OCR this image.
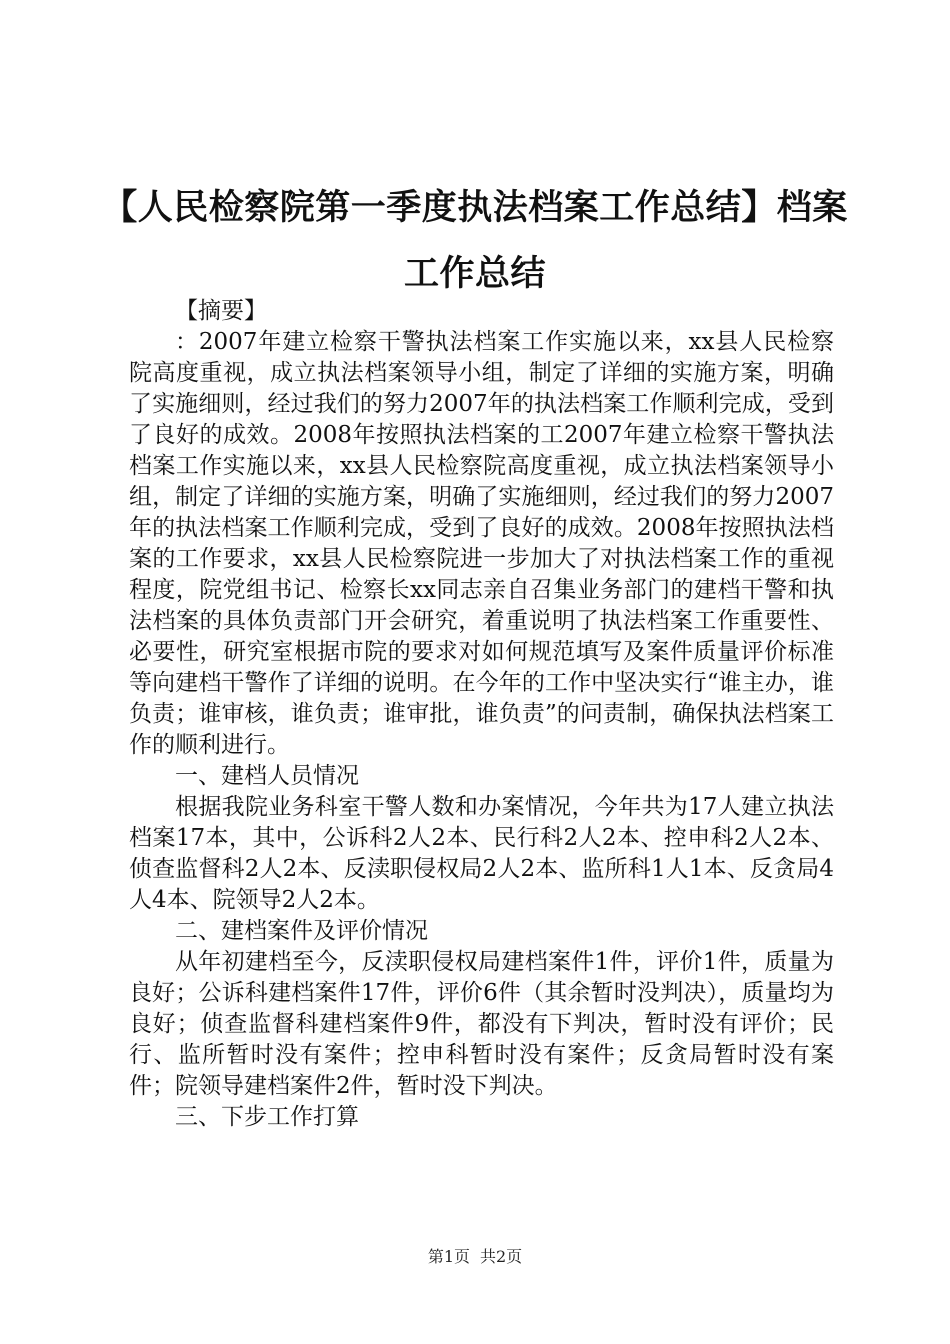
【人民检察院第一季度执法档案工作总结】档案工作总结

【摘要】

：2007年建立检察干警执法档案工作实施以来，xx县人民检察院高度重视，成立执法档案领导小组，制定了详细的实施方案，明确了实施细则，经过我们的努力2007年的执法档案工作顺利完成，受到了良好的成效。2008年按照执法档案的工2007年建立检察干警执法档案工作实施以来，xx县人民检察院高度重视，成立执法档案领导小组，制定了详细的实施方案，明确了实施细则，经过我们的努力2007年的执法档案工作顺利完成，受到了良好的成效。2008年按照执法档案的工作要求，xx县人民检察院进一步加大了对执法档案工作的重视程度，院党组书记、检察长xx同志亲自召集业务部门的建档干警和执法档案的具体负责部门开会研究，着重说明了执法档案工作重要性、必要性，研究室根据市院的要求对如何规范填写及案件质量评价标准等向建档干警作了详细的说明。在今年的工作中坚决实行“谁主办，谁负责；谁审核，谁负责；谁审批，谁负责”的问责制，确保执法档案工作的顺利进行。

一、建档人员情况

根据我院业务科室干警人数和办案情况，今年共为17人建立执法档案17本，其中，公诉科2人2本、民行科2人2本、控申科2人2本、侦查监督科2人2本、反渎职侵权局2人2本、监所科1人1本、反贪局4人4本、院领导2人2本。

二、建档案件及评价情况

从年初建档至今，反渎职侵权局建档案件1件，评价1件，质量为良好；公诉科建档案件17件，评价6件（其余暂时没判决），质量均为良好；侦查监督科建档案件9件，都没有下判决，暂时没有评价；民行、监所暂时没有案件；控申科暂时没有案件；反贪局暂时没有案件；院领导建档案件2件，暂时没下判决。

三、下步工作打算

第1页 共2页
